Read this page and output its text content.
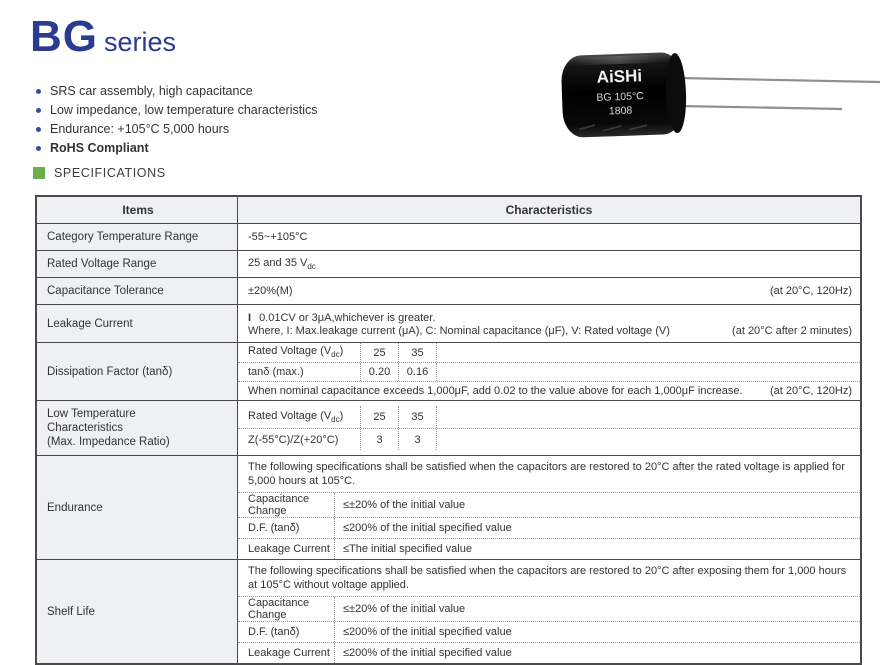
BG series
SRS car assembly, high capacitance
Low impedance, low temperature characteristics
Endurance: +105°C 5,000 hours
RoHS Compliant
AiSHi
BG 105°C
1808
SPECIFICATIONS
Items	Characteristics
Category Temperature Range	-55~+105°C
Rated Voltage Range	25 and 35 $V_{dc}$
Capacitance Tolerance	±20%(M)	(at 20°C, 120Hz)
Leakage Current	I 0.01CV or 3μA,whichever is greater.
Where, I: Max.leakage current (μA), C: Nominal capacitance (μF), V: Rated voltage (V)	(at 20°C after 2 minutes)
Dissipation Factor (tanδ)
Rated Voltage $(V_{dc})$	25	35
tanδ (max.)	0.20	0.16
When nominal capacitance exceeds 1,000μF, add 0.02 to the value above for each 1,000μF increase.	(at 20°C, 120Hz)
Low Temperature
Characteristics
(Max. Impedance Ratio)
Rated Voltage $(V_{dc})$	25	35
Z(-55°C)/Z(+20°C)	3	3
Endurance
The following specifications shall be satisfied when the capacitors are restored to 20°C after the rated voltage is applied for 5,000 hours at 105°C.
Capacitance Change	≤±20% of the initial value
D.F. (tanδ)	≤200% of the initial specified value
Leakage Current	≤The initial specified value
Shelf Life
The following specifications shall be satisfied when the capacitors are restored to 20°C after exposing them for 1,000 hours at 105°C without voltage applied.
Capacitance Change	≤±20% of the initial value
D.F. (tanδ)	≤200% of the initial specified value
Leakage Current	≤200% of the initial specified value
